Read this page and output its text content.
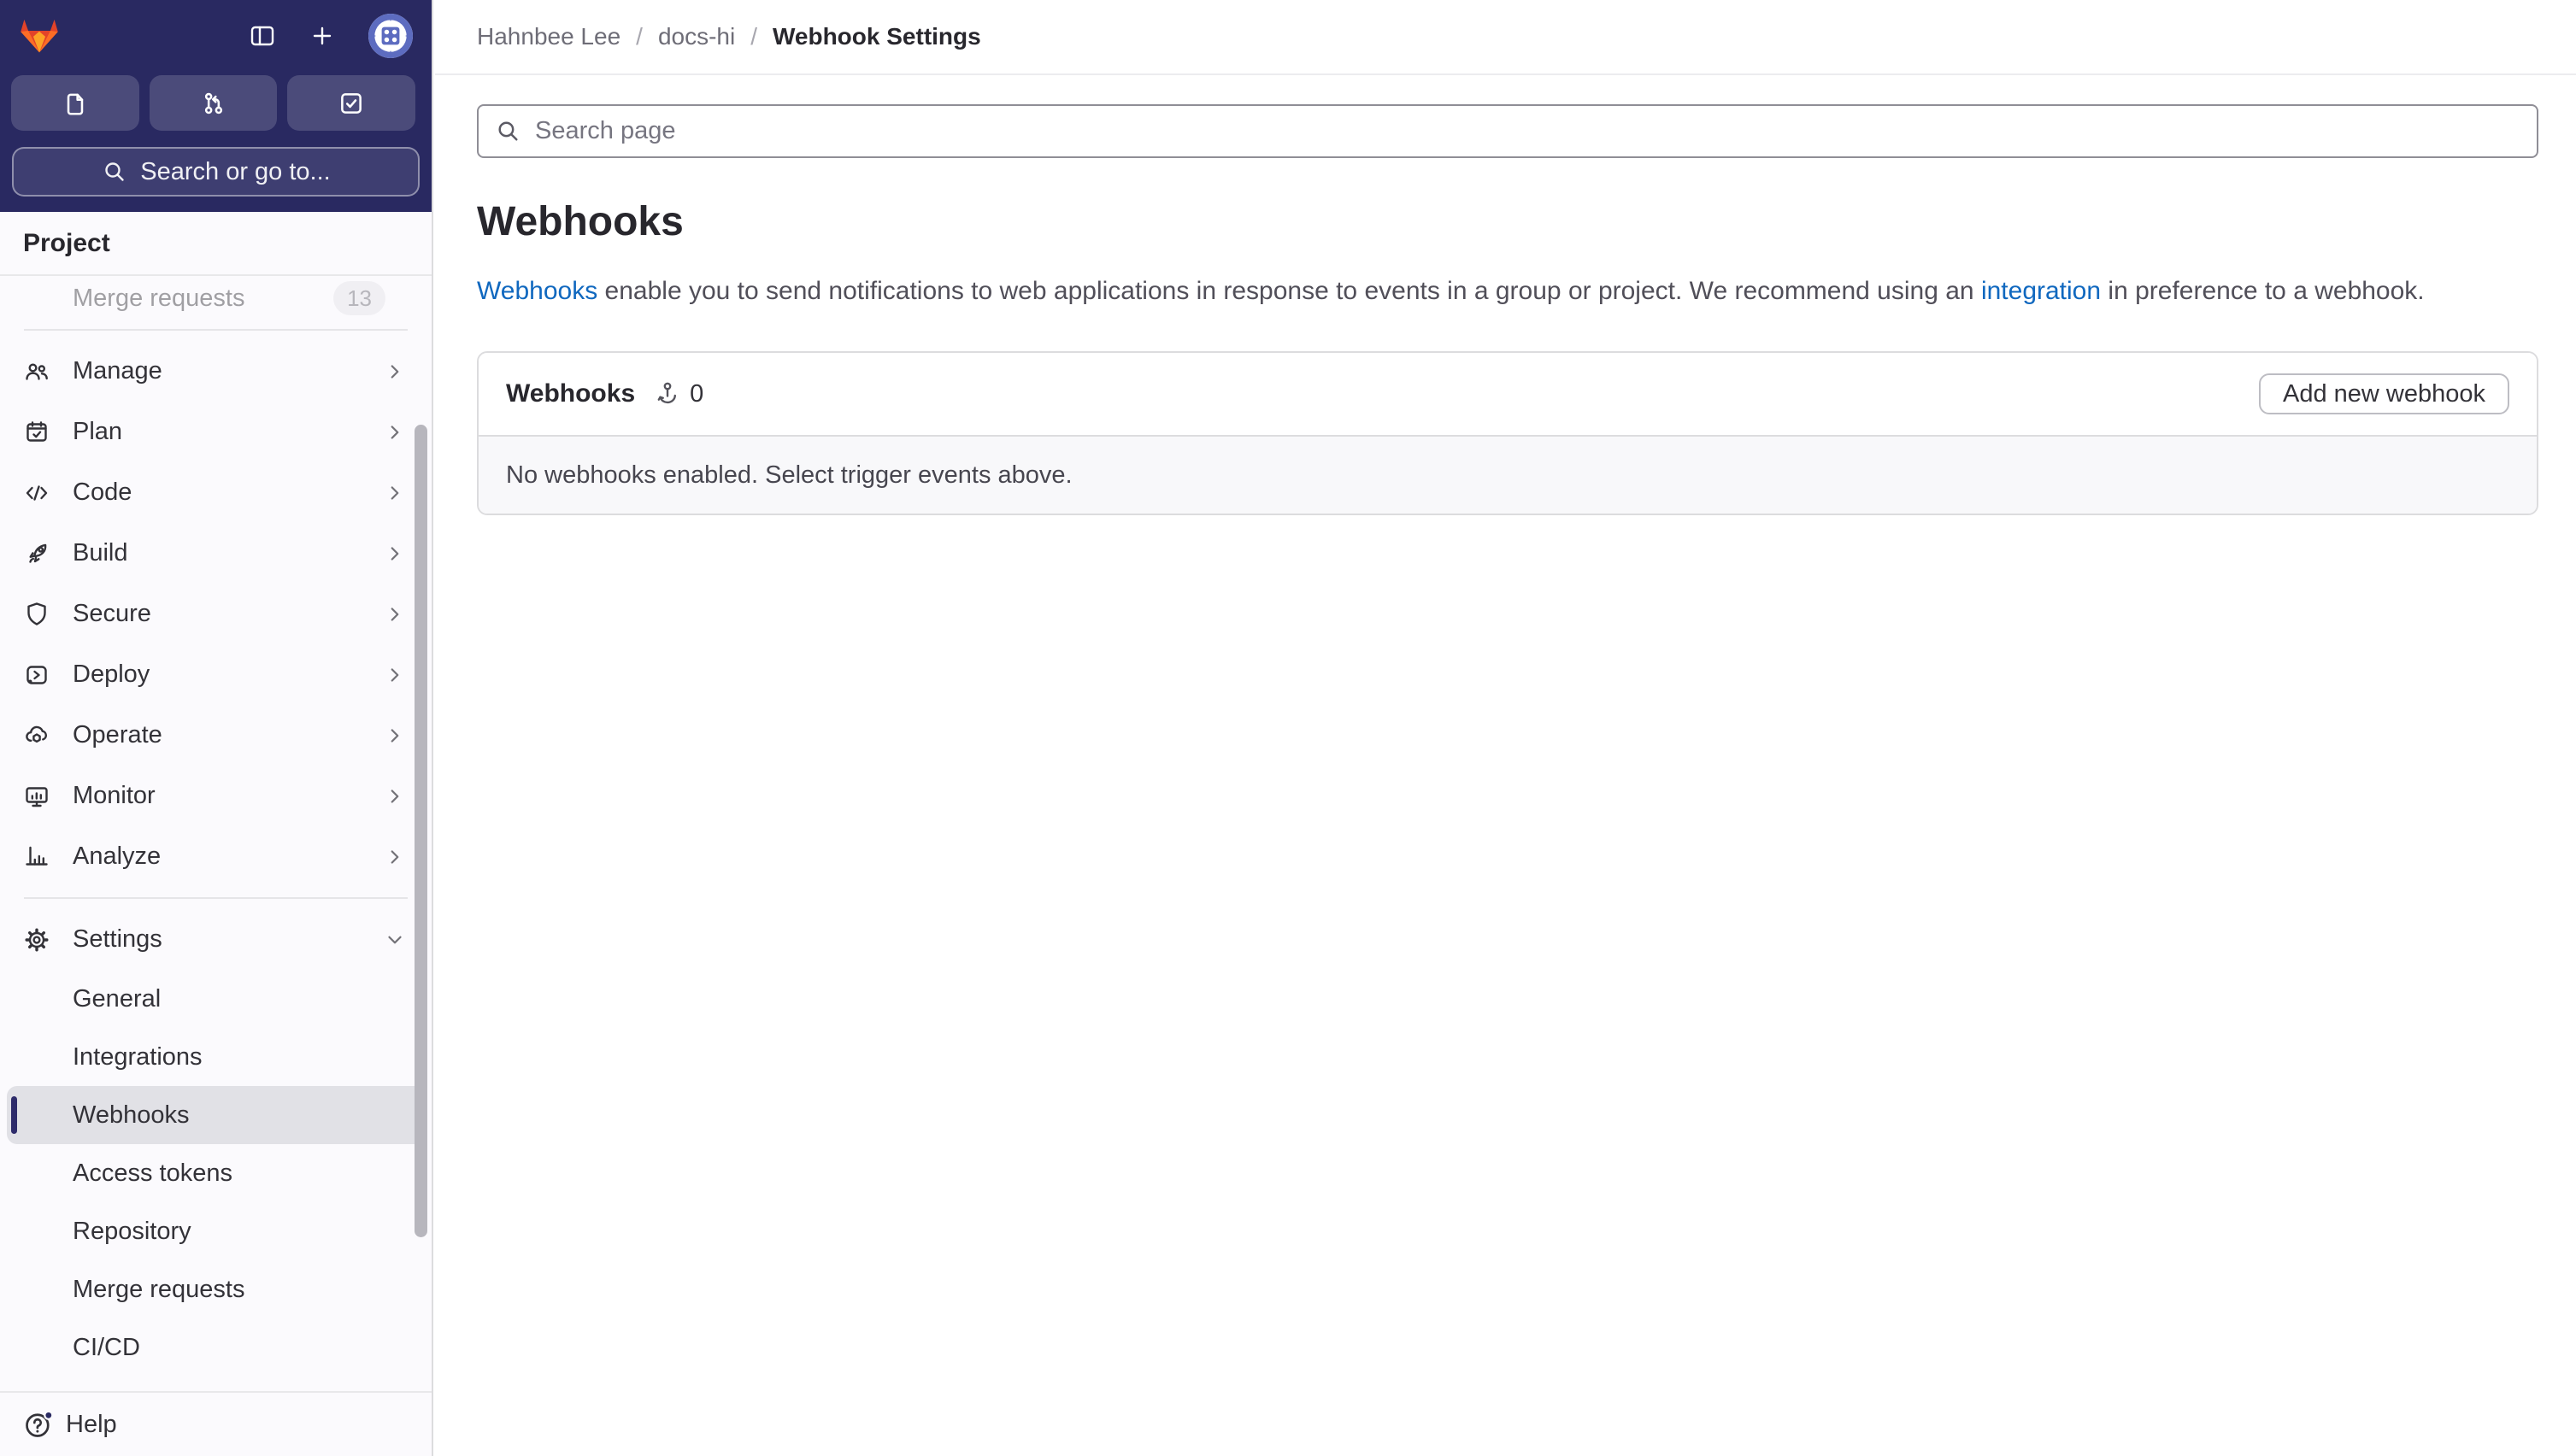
Search or go to...
Project
Merge requests	13
Manage
Plan
Code
Build
Secure
Deploy
Operate
Monitor
Analyze
Settings
General
Integrations
Webhooks
Access tokens
Repository
Merge requests
CI/CD
Help
Hahnbee Lee / docs-hi / Webhook Settings
Search page
Webhooks

Webhooks enable you to send notifications to web applications in response to events in a group or project. We recommend using an integration in preference to a webhook.

Webhooks 0	Add new webhook
No webhooks enabled. Select trigger events above.
